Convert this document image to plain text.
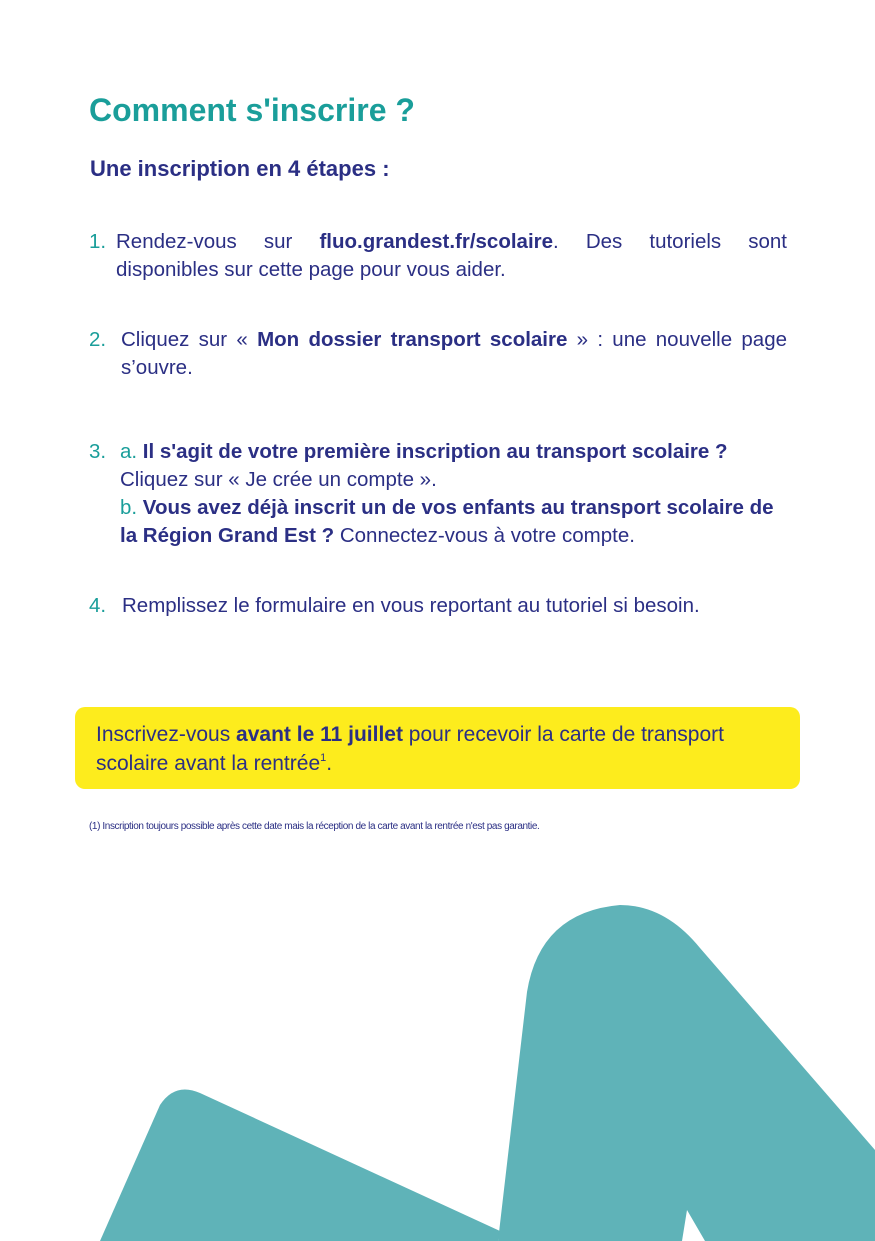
Comment s'inscrire ?
Une inscription en 4 étapes :
1. Rendez-vous sur fluo.grandest.fr/scolaire. Des tutoriels sont disponibles sur cette page pour vous aider.
2. Cliquez sur « Mon dossier transport scolaire » : une nouvelle page s’ouvre.
3. a. Il s'agit de votre première inscription au transport scolaire ?
Cliquez sur « Je crée un compte ».
b. Vous avez déjà inscrit un de vos enfants au transport scolaire de la Région Grand Est ? Connectez-vous à votre compte.
4. Remplissez le formulaire en vous reportant au tutoriel si besoin.
Inscrivez-vous avant le 11 juillet pour recevoir la carte de transport scolaire avant la rentrée$^1$.

(1) Inscription toujours possible après cette date mais la réception de la carte avant la rentrée n'est pas garantie.
